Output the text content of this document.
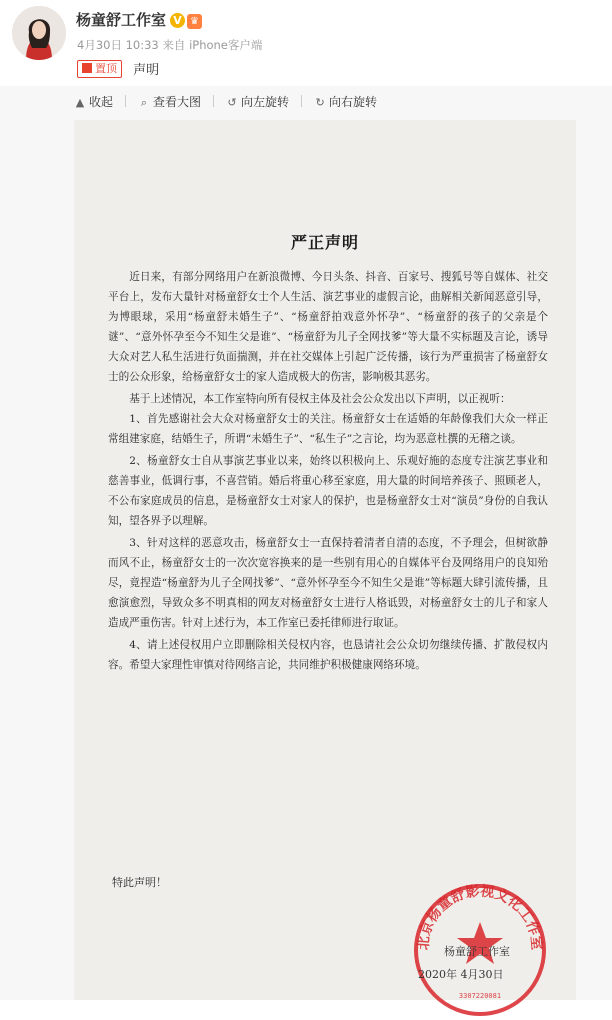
杨童舒工作室 V ♛
4月30日 10:33 来自 iPhone客户端
置顶 声明
▲ 收起	⌕ 查看大图 ↺ 向左旋转 ↻ 向右旋转
严正声明

近日来，有部分网络用户在新浪微博、今日头条、抖音、百家号、搜狐号等自媒体、社交平台上，发布大量针对杨童舒女士个人生活、演艺事业的虚假言论，曲解相关新闻恶意引导，为博眼球，采用“杨童舒未婚生子”、“杨童舒拍戏意外怀孕”、“杨童舒的孩子的父亲是个谜”、“意外怀孕至今不知生父是谁”、“杨童舒为儿子全网找爹”等大量不实标题及言论，诱导大众对艺人私生活进行负面揣测，并在社交媒体上引起广泛传播，该行为严重损害了杨童舒女士的公众形象，给杨童舒女士的家人造成极大的伤害，影响极其恶劣。

基于上述情况，本工作室特向所有侵权主体及社会公众发出以下声明，以正视听：

1、首先感谢社会大众对杨童舒女士的关注。杨童舒女士在适婚的年龄像我们大众一样正常组建家庭，结婚生子，所谓“未婚生子”、“私生子”之言论，均为恶意杜撰的无稽之谈。

2、杨童舒女士自从事演艺事业以来，始终以积极向上、乐观好施的态度专注演艺事业和慈善事业，低调行事，不喜营销。婚后将重心移至家庭，用大量的时间培养孩子、照顾老人，不公布家庭成员的信息，是杨童舒女士对家人的保护，也是杨童舒女士对“演员”身份的自我认知，望各界予以理解。

3、针对这样的恶意攻击，杨童舒女士一直保持着清者自清的态度，不予理会，但树欲静而风不止，杨童舒女士的一次次宽容换来的是一些别有用心的自媒体平台及网络用户的良知殆尽，竟捏造“杨童舒为儿子全网找爹”、“意外怀孕至今不知生父是谁”等标题大肆引流传播，且愈演愈烈，导致众多不明真相的网友对杨童舒女士进行人格诋毁，对杨童舒女士的儿子和家人造成严重伤害。针对上述行为，本工作室已委托律师进行取证。

4、请上述侵权用户立即删除相关侵权内容，也恳请社会公众切勿继续传播、扩散侵权内容。希望大家理性审慎对待网络言论，共同维护积极健康网络环境。

特此声明！
北京杨童舒影视文化工作室
3307220081
杨童舒工作室
2020年 4月30日
